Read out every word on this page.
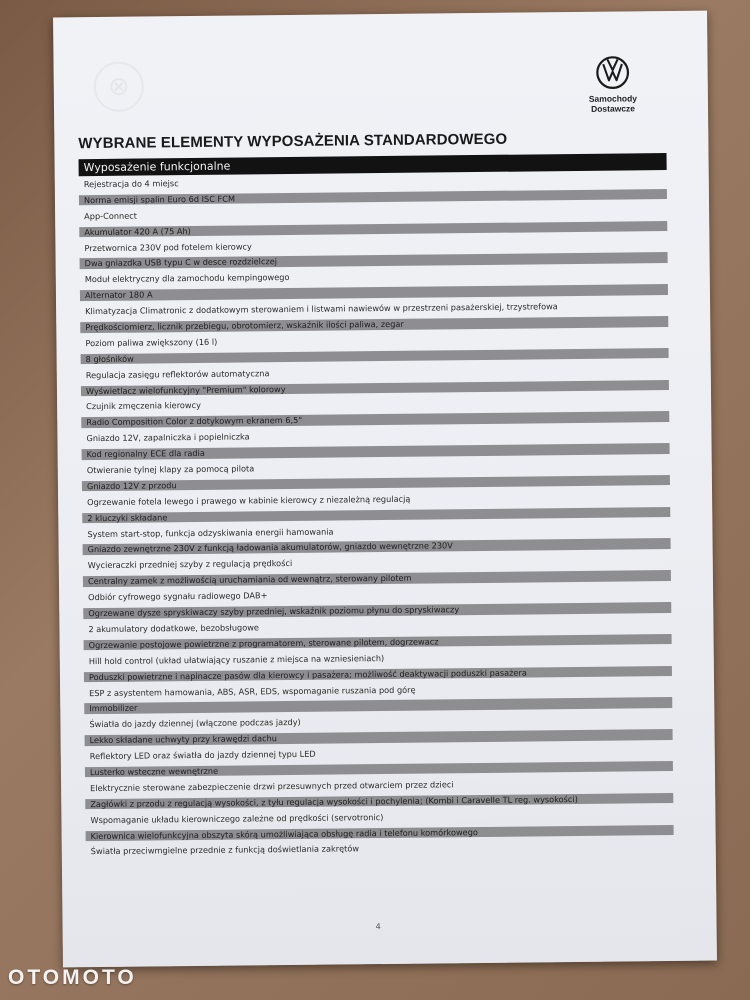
⊗	Samochody
Dostawcze
WYBRANE ELEMENTY WYPOSAŻENIA STANDARDOWEGO
Wyposażenie funkcjonalne
Rejestracja do 4 miejsc
Norma emisji spalin Euro 6d ISC FCM
App-Connect
Akumulator 420 A (75 Ah)
Przetwornica 230V pod fotelem kierowcy
Dwa gniazdka USB typu C w desce rozdzielczej
Moduł elektryczny dla zamochodu kempingowego
Alternator 180 A
Klimatyzacja Climatronic z dodatkowym sterowaniem i listwami nawiewów w przestrzeni pasażerskiej, trzystrefowa
Prędkościomierz, licznik przebiegu, obrotomierz, wskaźnik ilości paliwa, zegar
Poziom paliwa zwiększony (16 l)
8 głośników
Regulacja zasięgu reflektorów automatyczna
Wyświetlacz wielofunkcyjny "Premium" kolorowy
Czujnik zmęczenia kierowcy
Radio Composition Color z dotykowym ekranem 6,5"
Gniazdo 12V, zapalniczka i popielniczka
Kod regionalny ECE dla radia
Otwieranie tylnej klapy za pomocą pilota
Gniazdo 12V z przodu
Ogrzewanie fotela lewego i prawego w kabinie kierowcy z niezależną regulacją
2 kluczyki składane
System start-stop, funkcja odzyskiwania energii hamowania
Gniazdo zewnętrzne 230V z funkcją ładowania akumulatorów, gniazdo wewnętrzne 230V
Wycieraczki przedniej szyby z regulacją prędkości
Centralny zamek z możliwością uruchamiania od wewnątrz, sterowany pilotem
Odbiór cyfrowego sygnału radiowego DAB+
Ogrzewane dysze spryskiwaczy szyby przedniej, wskaźnik poziomu płynu do spryskiwaczy
2 akumulatory dodatkowe, bezobsługowe
Ogrzewanie postojowe powietrzne z programatorem, sterowane pilotem, dogrzewacz
Hill hold control (układ ułatwiający ruszanie z miejsca na wzniesieniach)
Poduszki powietrzne i napinacze pasów dla kierowcy i pasażera; możliwość deaktywacji poduszki pasażera
ESP z asystentem hamowania, ABS, ASR, EDS, wspomaganie ruszania pod górę
Immobilizer
Światła do jazdy dziennej (włączone podczas jazdy)
Lekko składane uchwyty przy krawędzi dachu
Reflektory LED oraz światła do jazdy dziennej typu LED
Lusterko wsteczne wewnętrzne
Elektrycznie sterowane zabezpieczenie drzwi przesuwnych przed otwarciem przez dzieci
Zagłówki z przodu z regulacją wysokości, z tyłu regulacja wysokości i pochylenia; (Kombi i Caravelle TL reg. wysokości)
Wspomaganie układu kierowniczego zależne od prędkości (servotronic)
Kierownica wielofunkcyjna obszyta skórą umożliwiająca obsługę radia i telefonu komórkowego
Światła przeciwmgielne przednie z funkcją doświetlania zakrętów
4
OTOMOTO
